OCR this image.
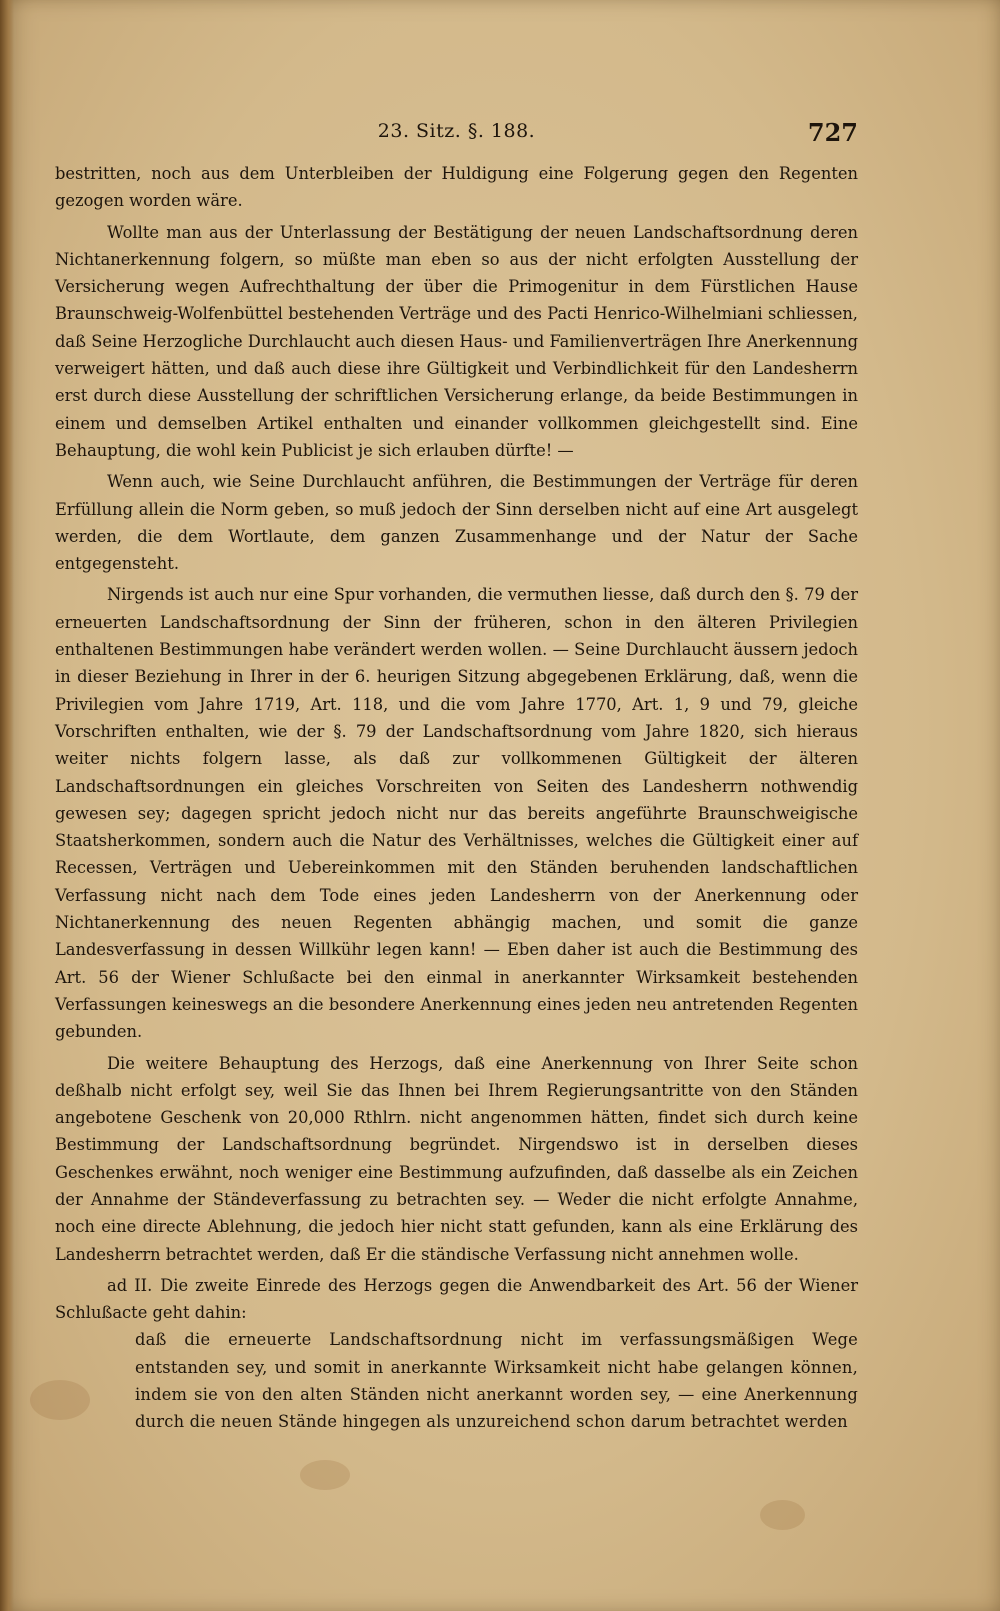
23. Sitz. §. 188.	727

bestritten, noch aus dem Unterbleiben der Huldigung eine Folgerung gegen den Regenten gezogen worden wäre.

Wollte man aus der Unterlassung der Bestätigung der neuen Landschaftsordnung deren Nichtanerkennung folgern, so müßte man eben so aus der nicht erfolgten Ausstellung der Versicherung wegen Aufrechthaltung der über die Primogenitur in dem Fürstlichen Hause Braunschweig-Wolfenbüttel bestehenden Verträge und des Pacti Henrico-Wilhelmiani schliessen, daß Seine Herzogliche Durchlaucht auch diesen Haus- und Familienverträgen Ihre Anerkennung verweigert hätten, und daß auch diese ihre Gültigkeit und Verbindlichkeit für den Landesherrn erst durch diese Ausstellung der schriftlichen Versicherung erlange, da beide Bestimmungen in einem und demselben Artikel enthalten und einander vollkommen gleichgestellt sind. Eine Behauptung, die wohl kein Publicist je sich erlauben dürfte! —

Wenn auch, wie Seine Durchlaucht anführen, die Bestimmungen der Verträge für deren Erfüllung allein die Norm geben, so muß jedoch der Sinn derselben nicht auf eine Art ausgelegt werden, die dem Wortlaute, dem ganzen Zusammenhange und der Natur der Sache entgegensteht.

Nirgends ist auch nur eine Spur vorhanden, die vermuthen liesse, daß durch den §. 79 der erneuerten Landschaftsordnung der Sinn der früheren, schon in den älteren Privilegien enthaltenen Bestimmungen habe verändert werden wollen. — Seine Durchlaucht äussern jedoch in dieser Beziehung in Ihrer in der 6. heurigen Sitzung abgegebenen Erklärung, daß, wenn die Privilegien vom Jahre 1719, Art. 118, und die vom Jahre 1770, Art. 1, 9 und 79, gleiche Vorschriften enthalten, wie der §. 79 der Landschaftsordnung vom Jahre 1820, sich hieraus weiter nichts folgern lasse, als daß zur vollkommenen Gültigkeit der älteren Landschaftsordnungen ein gleiches Vorschreiten von Seiten des Landesherrn nothwendig gewesen sey; dagegen spricht jedoch nicht nur das bereits angeführte Braunschweigische Staatsherkommen, sondern auch die Natur des Verhältnisses, welches die Gültigkeit einer auf Recessen, Verträgen und Uebereinkommen mit den Ständen beruhenden landschaftlichen Verfassung nicht nach dem Tode eines jeden Landesherrn von der Anerkennung oder Nichtanerkennung des neuen Regenten abhängig machen, und somit die ganze Landesverfassung in dessen Willkühr legen kann! — Eben daher ist auch die Bestimmung des Art. 56 der Wiener Schlußacte bei den einmal in anerkannter Wirksamkeit bestehenden Verfassungen keineswegs an die besondere Anerkennung eines jeden neu antretenden Regenten gebunden.

Die weitere Behauptung des Herzogs, daß eine Anerkennung von Ihrer Seite schon deßhalb nicht erfolgt sey, weil Sie das Ihnen bei Ihrem Regierungsantritte von den Ständen angebotene Geschenk von 20,000 Rthlrn. nicht angenommen hätten, findet sich durch keine Bestimmung der Landschaftsordnung begründet. Nirgendswo ist in derselben dieses Geschenkes erwähnt, noch weniger eine Bestimmung aufzufinden, daß dasselbe als ein Zeichen der Annahme der Ständeverfassung zu betrachten sey. — Weder die nicht erfolgte Annahme, noch eine directe Ablehnung, die jedoch hier nicht statt gefunden, kann als eine Erklärung des Landesherrn betrachtet werden, daß Er die ständische Verfassung nicht annehmen wolle.

ad II. Die zweite Einrede des Herzogs gegen die Anwendbarkeit des Art. 56 der Wiener Schlußacte geht dahin:

daß die erneuerte Landschaftsordnung nicht im verfassungsmäßigen Wege entstanden sey, und somit in anerkannte Wirksamkeit nicht habe gelangen können, indem sie von den alten Ständen nicht anerkannt worden sey, — eine Anerkennung durch die neuen Stände hingegen als unzureichend schon darum betrachtet werden
